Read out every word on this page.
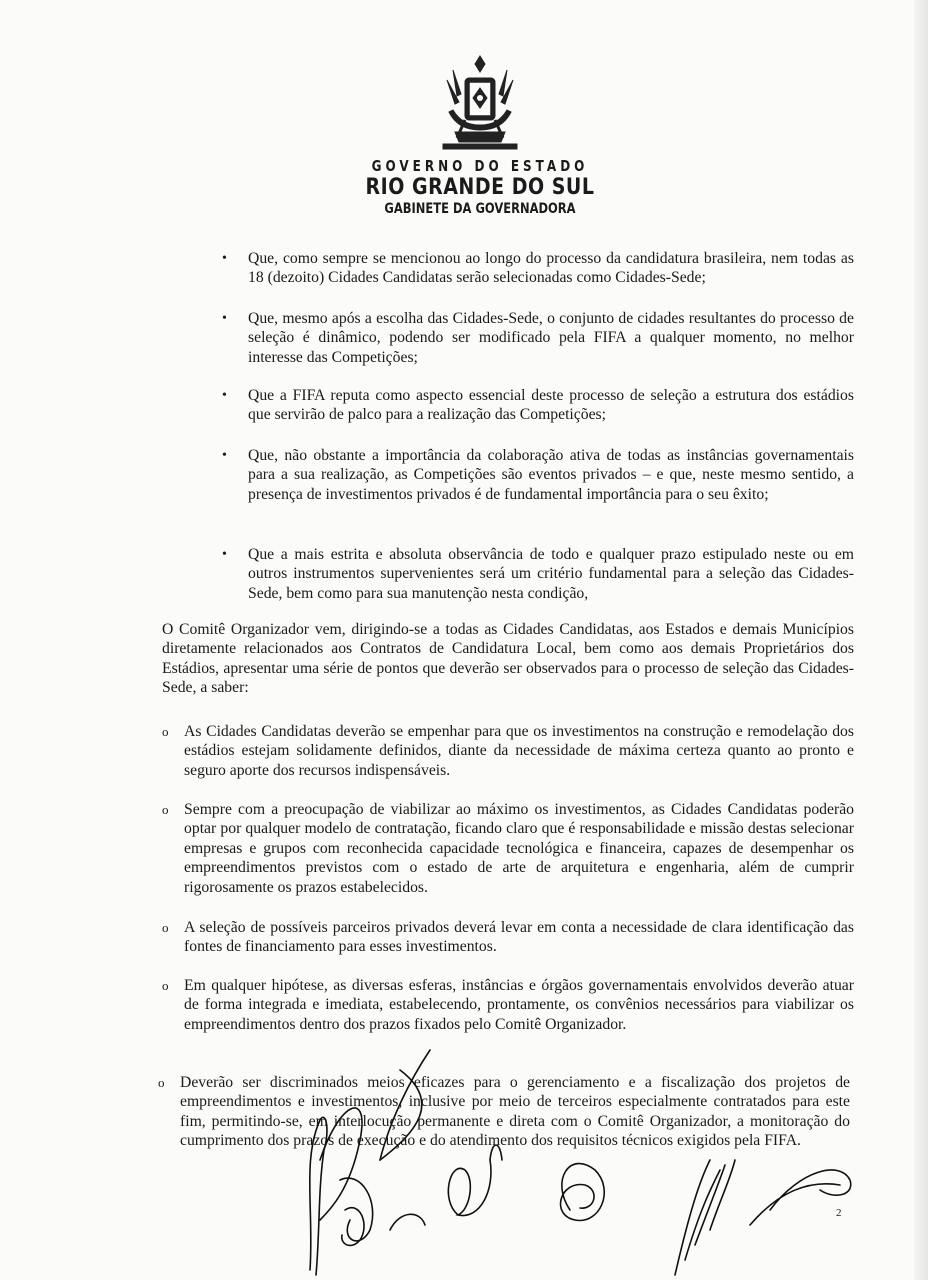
GOVERNO DO ESTADO
RIO GRANDE DO SUL
GABINETE DA GOVERNADORA
• Que, como sempre se mencionou ao longo do processo da candidatura brasileira, nem todas as 18 (dezoito) Cidades Candidatas serão selecionadas como Cidades-Sede;
• Que, mesmo após a escolha das Cidades-Sede, o conjunto de cidades resultantes do processo de seleção é dinâmico, podendo ser modificado pela FIFA a qualquer momento, no melhor interesse das Competições;
• Que a FIFA reputa como aspecto essencial deste processo de seleção a estrutura dos estádios que servirão de palco para a realização das Competições;
• Que, não obstante a importância da colaboração ativa de todas as instâncias governamentais para a sua realização, as Competições são eventos privados – e que, neste mesmo sentido, a presença de investimentos privados é de fundamental importância para o seu êxito;
• Que a mais estrita e absoluta observância de todo e qualquer prazo estipulado neste ou em outros instrumentos supervenientes será um critério fundamental para a seleção das Cidades-Sede, bem como para sua manutenção nesta condição,
O Comitê Organizador vem, dirigindo-se a todas as Cidades Candidatas, aos Estados e demais Municípios diretamente relacionados aos Contratos de Candidatura Local, bem como aos demais Proprietários dos Estádios, apresentar uma série de pontos que deverão ser observados para o processo de seleção das Cidades-Sede, a saber:
o As Cidades Candidatas deverão se empenhar para que os investimentos na construção e remodelação dos estádios estejam solidamente definidos, diante da necessidade de máxima certeza quanto ao pronto e seguro aporte dos recursos indispensáveis.
o Sempre com a preocupação de viabilizar ao máximo os investimentos, as Cidades Candidatas poderão optar por qualquer modelo de contratação, ficando claro que é responsabilidade e missão destas selecionar empresas e grupos com reconhecida capacidade tecnológica e financeira, capazes de desempenhar os empreendimentos previstos com o estado de arte de arquitetura e engenharia, além de cumprir rigorosamente os prazos estabelecidos.
o A seleção de possíveis parceiros privados deverá levar em conta a necessidade de clara identificação das fontes de financiamento para esses investimentos.
o Em qualquer hipótese, as diversas esferas, instâncias e órgãos governamentais envolvidos deverão atuar de forma integrada e imediata, estabelecendo, prontamente, os convênios necessários para viabilizar os empreendimentos dentro dos prazos fixados pelo Comitê Organizador.
o Deverão ser discriminados meios eficazes para o gerenciamento e a fiscalização dos projetos de empreendimentos e investimentos, inclusive por meio de terceiros especialmente contratados para este fim, permitindo-se, em interlocução permanente e direta com o Comitê Organizador, a monitoração do cumprimento dos prazos de execução e do atendimento dos requisitos técnicos exigidos pela FIFA.
2
